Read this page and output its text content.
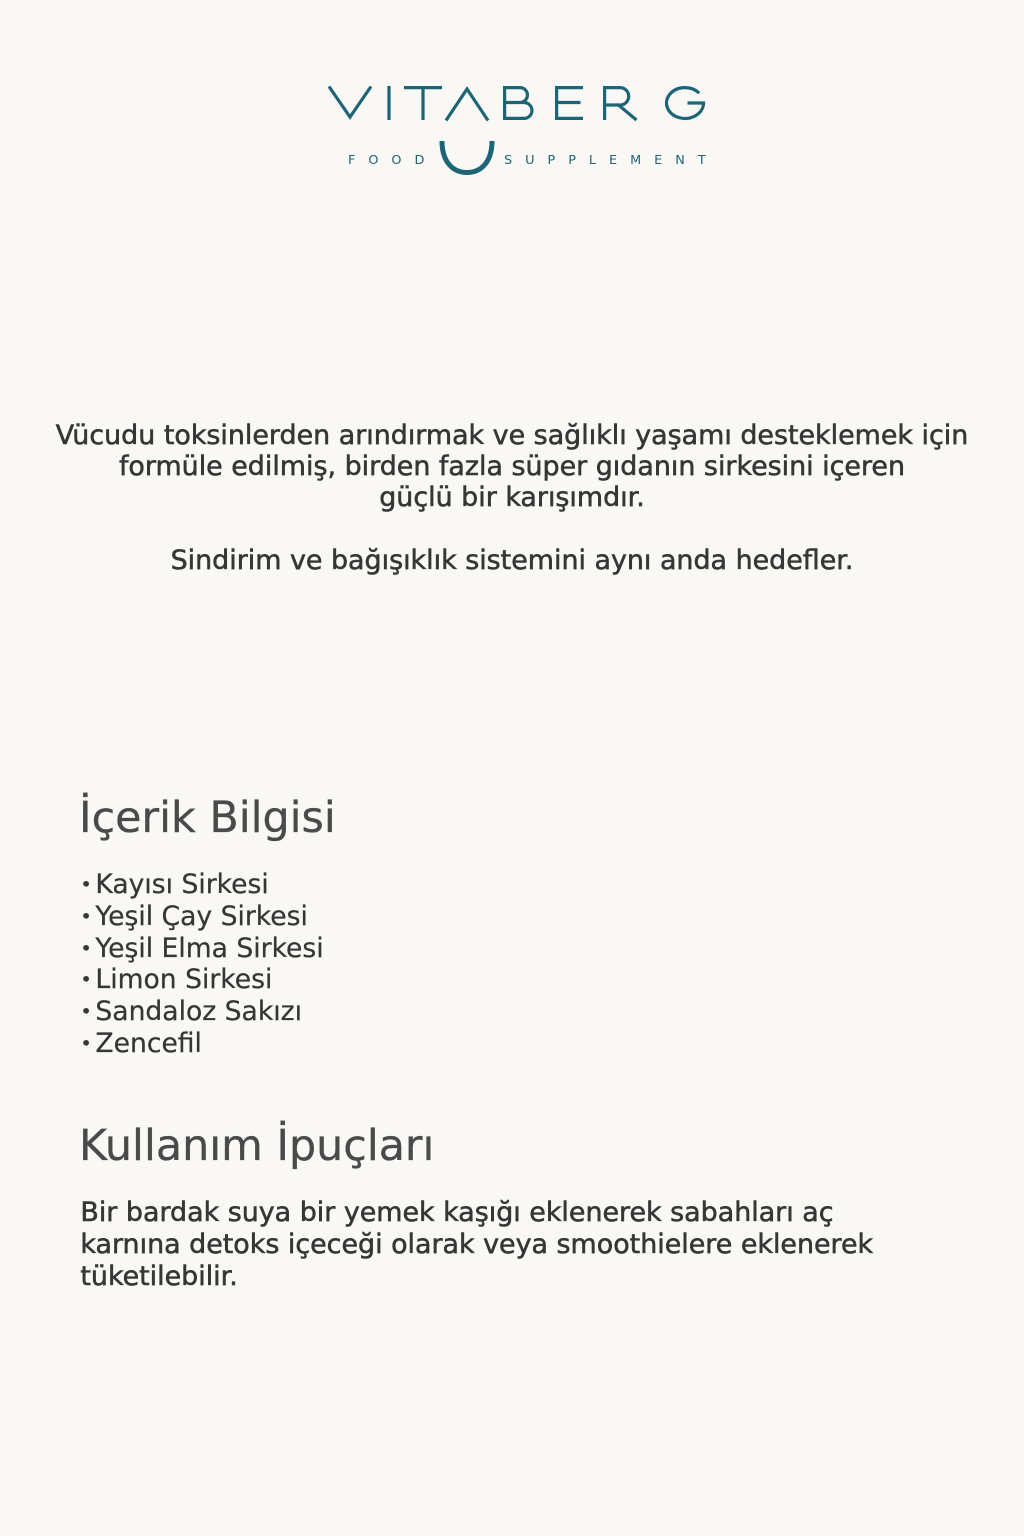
FOOD	SUPPLEMENT

Vücudu toksinlerden arındırmak ve sağlıklı yaşamı desteklemek için
formüle edilmiş, birden fazla süper gıdanın sirkesini içeren
güçlü bir karışımdır.

Sindirim ve bağışıklık sistemini aynı anda hedefler.

İçerik Bilgisi
• Kayısı Sirkesi
• Yeşil Çay Sirkesi
• Yeşil Elma Sirkesi
• Limon Sirkesi
• Sandaloz Sakızı
• Zencefil
Kullanım İpuçları

Bir bardak suya bir yemek kaşığı eklenerek sabahları aç
karnına detoks içeceği olarak veya smoothielere eklenerek
tüketilebilir.
